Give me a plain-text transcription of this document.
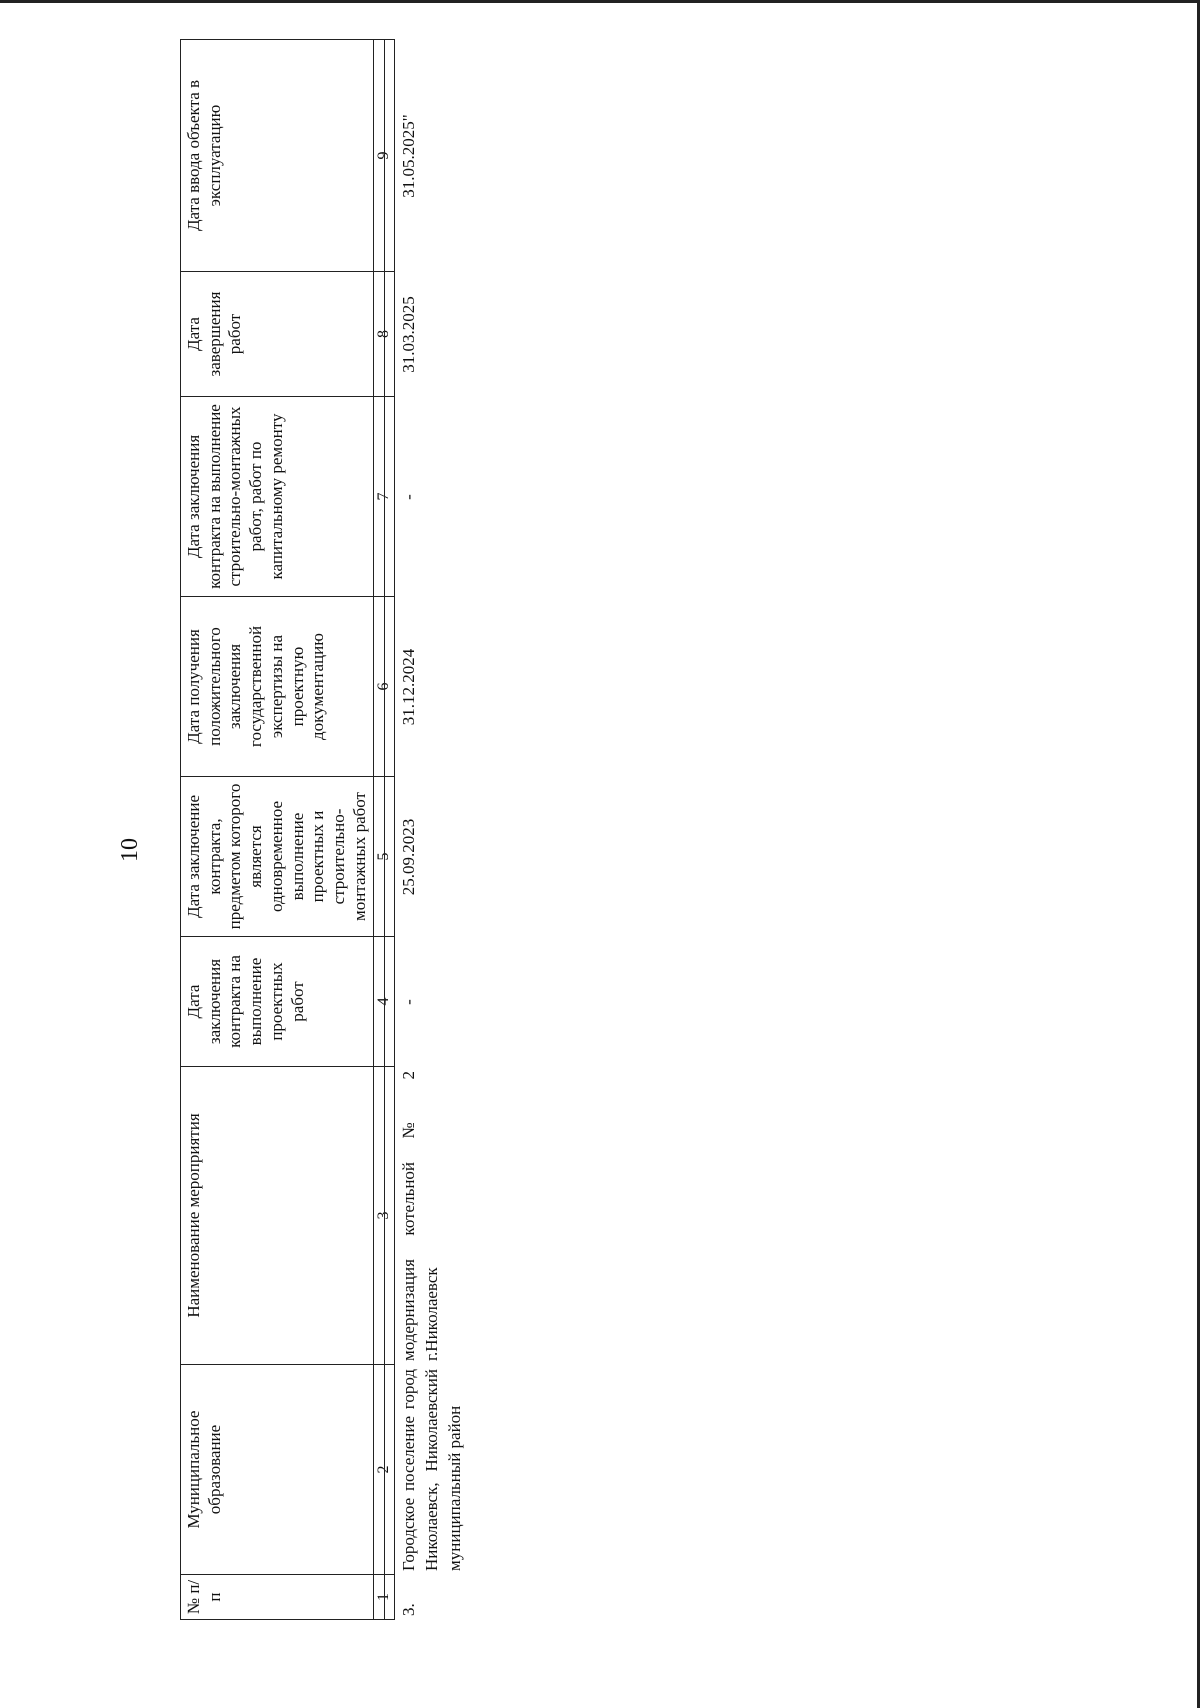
10
№ п/п	Муниципальное образование	Наименование мероприятия	Дата заключения контракта на выполнение проектных работ	Дата заключение контракта, предметом которого является одновременное выполнение проектных и строительно-монтажных работ	Дата получения положительного заключения государственной экспертизы на проектную документацию	Дата заключения контракта на выполнение строительно-монтажных работ, работ по капитальному ремонту	Дата завершения работ	Дата ввода объекта в эксплуатацию
1	2	3	4	5	6	7	8	9
3.	Городское поселение город Николаевск, Николаевский муниципальный район	модернизация котельной № 2 г.Николаевск	-	25.09.2023	31.12.2024	-	31.03.2025	31.05.2025"
